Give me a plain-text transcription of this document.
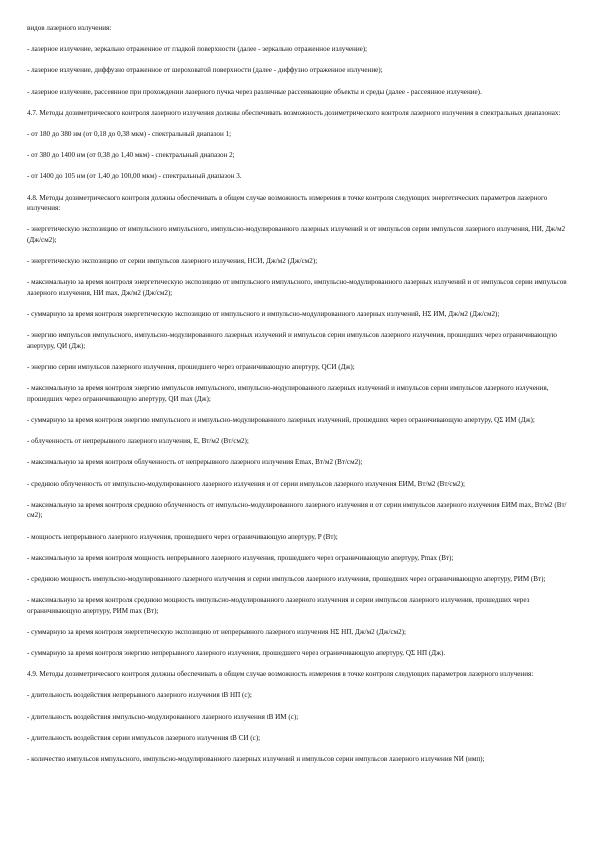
видов лазерного излучения:

- лазерное излучение, зеркально отраженное от гладкой поверхности (далее - зеркально отраженное излучение);

- лазерное излучение, диффузно отраженное от шероховатой поверхности (далее - диффузно отраженное излучение);

- лазерное излучение, рассеянное при прохождении лазерного пучка через различные рассеивающие объекты и среды (далее - рассеянное излучение).

4.7. Методы дозиметрического контроля лазерного излучения должны обеспечивать возможность дозиметрического контроля лазерного излучения в спектральных диапазонах:

- от 180 до 380 нм (от 0,18 до 0,38 мкм) - спектральный диапазон 1;

- от 380 до 1400 нм (от 0,38 до 1,40 мкм) - спектральный диапазон 2;

- от 1400 до 105 нм (от 1,40 до 100,00 мкм) - спектральный диапазон 3.

4.8. Методы дозиметрического контроля должны обеспечивать в общем случае возможность измерения в точке контроля следующих энергетических параметров лазерного излучения:

- энергетическую экспозицию от импульсного импульсного, импульсно-модулированного лазерных излучений и от импульсов серии импульсов лазерного излучения, HИ, Дж/м2 (Дж/см2);

- энергетическую экспозицию от серии импульсов лазерного излучения, HСИ, Дж/м2 (Дж/см2);

- максимальную за время контроля энергетическую экспозицию от импульсного импульсного, импульсно-модулированного лазерных излучений и от импульсов серии импульсов лазерного излучения, HИ max, Дж/м2 (Дж/см2);

- суммарную за время контроля энергетическую экспозицию от импульсного и импульсно-модулированного лазерных излучений, HΣ ИМ, Дж/м2 (Дж/см2);

- энергию импульсов импульсного, импульсно-модулированного лазерных излучений и импульсов серии импульсов лазерного излучения, прошедших через ограничивающую апертуру, QИ (Дж);

- энергию серии импульсов лазерного излучения, прошедшего через ограничивающую апертуру, QСИ (Дж);

- максимальную за время контроля энергию импульсов импульсного, импульсно-модулированного лазерных излучений и импульсов серии импульсов лазерного излучения, прошедших через ограничивающую апертуру, QИ max (Дж);

- суммарную за время контроля энергию импульсного и импульсно-модулированного лазерных излучений, прошедших через ограничивающую апертуру, QΣ ИМ (Дж);

- облученность от непрерывного лазерного излучения, E, Вт/м2 (Вт/см2);

- максимальную за время контроля облученность от непрерывного лазерного излучения Emax, Вт/м2 (Вт/см2);

- среднюю облученность от импульсно-модулированного лазерного излучения и от серии импульсов лазерного излучения EИМ, Вт/м2 (Вт/см2);

- максимальную за время контроля среднюю облученность от импульсно-модулированного лазерного излучения и от серии импульсов лазерного излучения EИМ max, Вт/м2 (Вт/см2);

- мощность непрерывного лазерного излучения, прошедшего через ограничивающую апертуру, P (Вт);

- максимальную за время контроля мощность непрерывного лазерного излучения, прошедшего через ограничивающую апертуру, Pmax (Вт);

- среднюю мощность импульсно-модулированного лазерного излучения и серии импульсов лазерного излучения, прошедших через ограничивающую апертуру, PИМ (Вт);

- максимальную за время контроля среднюю мощность импульсно-модулированного лазерного излучения и серии импульсов лазерного излучения, прошедших через ограничивающую апертуру, PИМ max (Вт);

- суммарную за время контроля энергетическую экспозицию от непрерывного лазерного излучения HΣ НП, Дж/м2 (Дж/см2);

- суммарную за время контроля энергию непрерывного лазерного излучения, прошедшего через ограничивающую апертуру, QΣ НП (Дж).

4.9. Методы дозиметрического контроля должны обеспечивать в общем случае возможность измерения в точке контроля следующих параметров лазерного излучения:

- длительность воздействия непрерывного лазерного излучения tВ НП (с);

- длительность воздействия импульсно-модулированного лазерного излучения tВ ИМ (с);

- длительность воздействия серии импульсов лазерного излучения tВ СИ (с);

- количество импульсов импульсного, импульсно-модулированного лазерных излучений и импульсов серии импульсов лазерного излучения NИ (имп);
